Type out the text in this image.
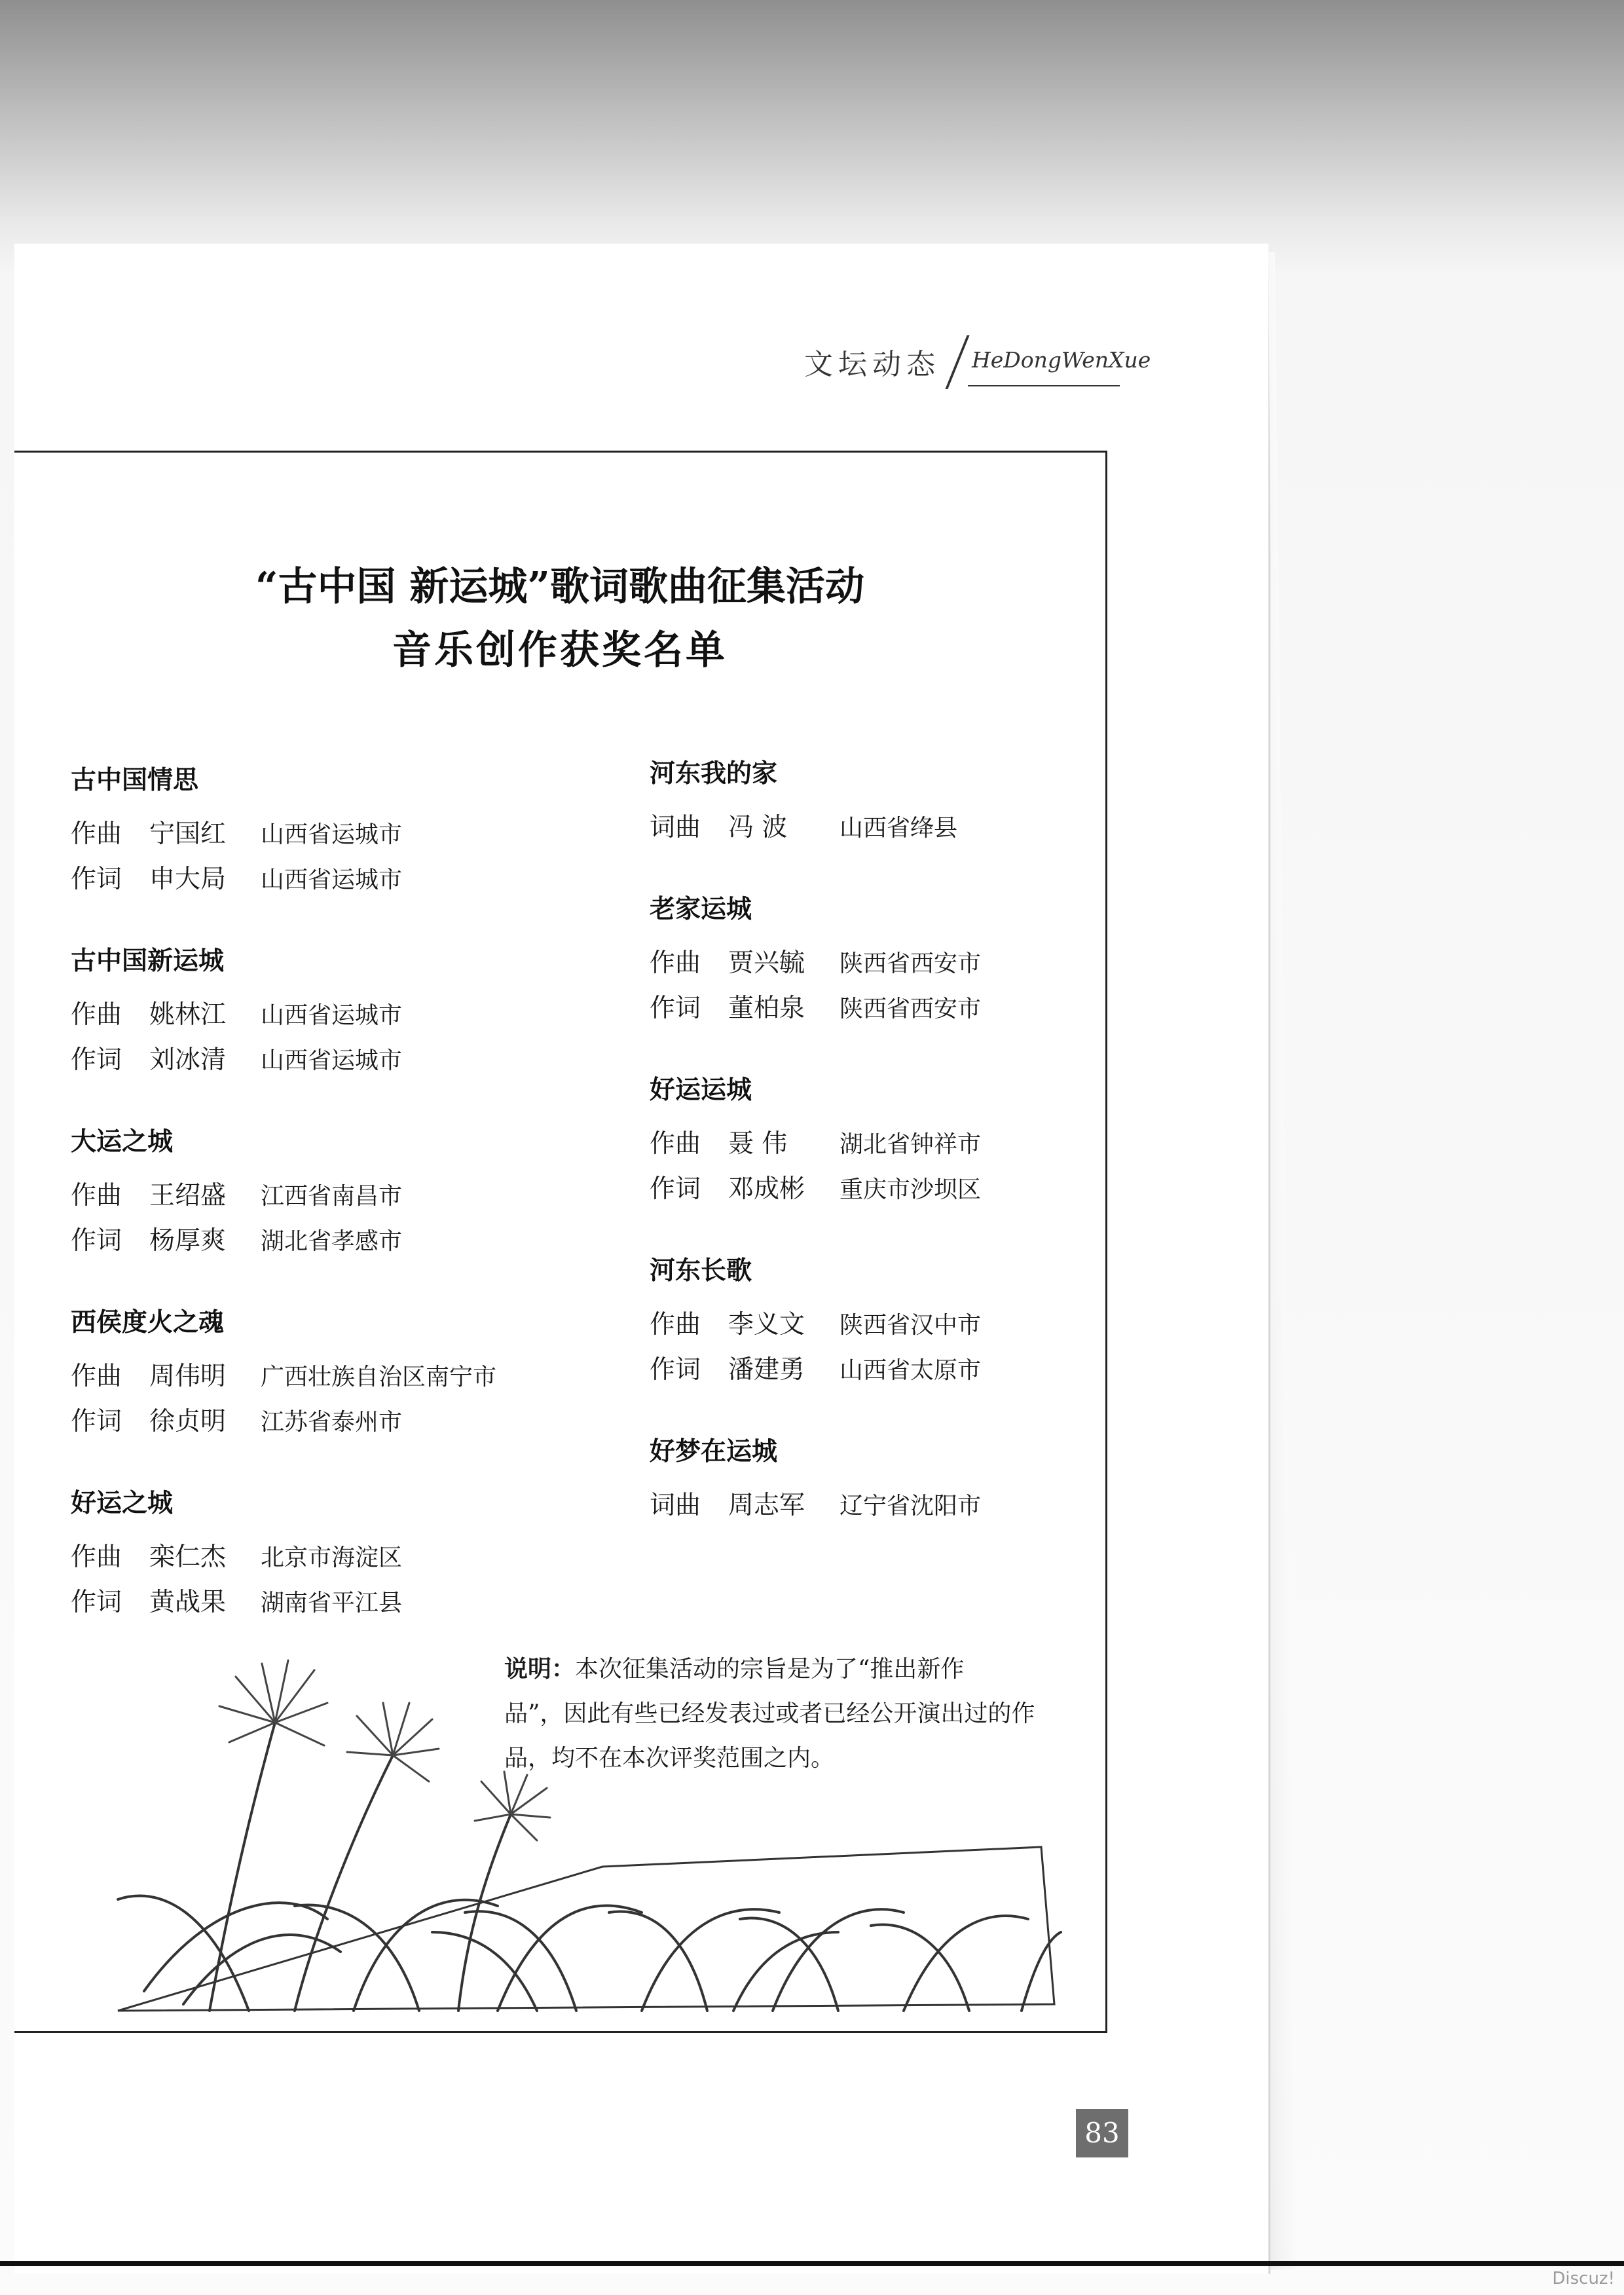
文坛动态 HeDongWenXue
“古中国 新运城”歌词歌曲征集活动
音乐创作获奖名单
古中国情思
作曲 宁国红 山西省运城市
作词 申大局 山西省运城市
古中国新运城
作曲 姚林江 山西省运城市
作词 刘冰清 山西省运城市
大运之城
作曲 王绍盛 江西省南昌市
作词 杨厚爽 湖北省孝感市
西侯度火之魂
作曲 周伟明 广西壮族自治区南宁市
作词 徐贞明 江苏省泰州市
好运之城
作曲 栾仁杰 北京市海淀区
作词 黄战果 湖南省平江县
河东我的家
词曲 冯 波 山西省绛县
老家运城
作曲 贾兴毓 陕西省西安市
作词 董柏泉 陕西省西安市
好运运城
作曲 聂 伟 湖北省钟祥市
作词 邓成彬 重庆市沙坝区
河东长歌
作曲 李义文 陕西省汉中市
作词 潘建勇 山西省太原市
好梦在运城
词曲 周志军 辽宁省沈阳市
说明：本次征集活动的宗旨是为了“推出新作
品”，因此有些已经发表过或者已经公开演出过的作
品，均不在本次评奖范围之内。
83
Discuz!
